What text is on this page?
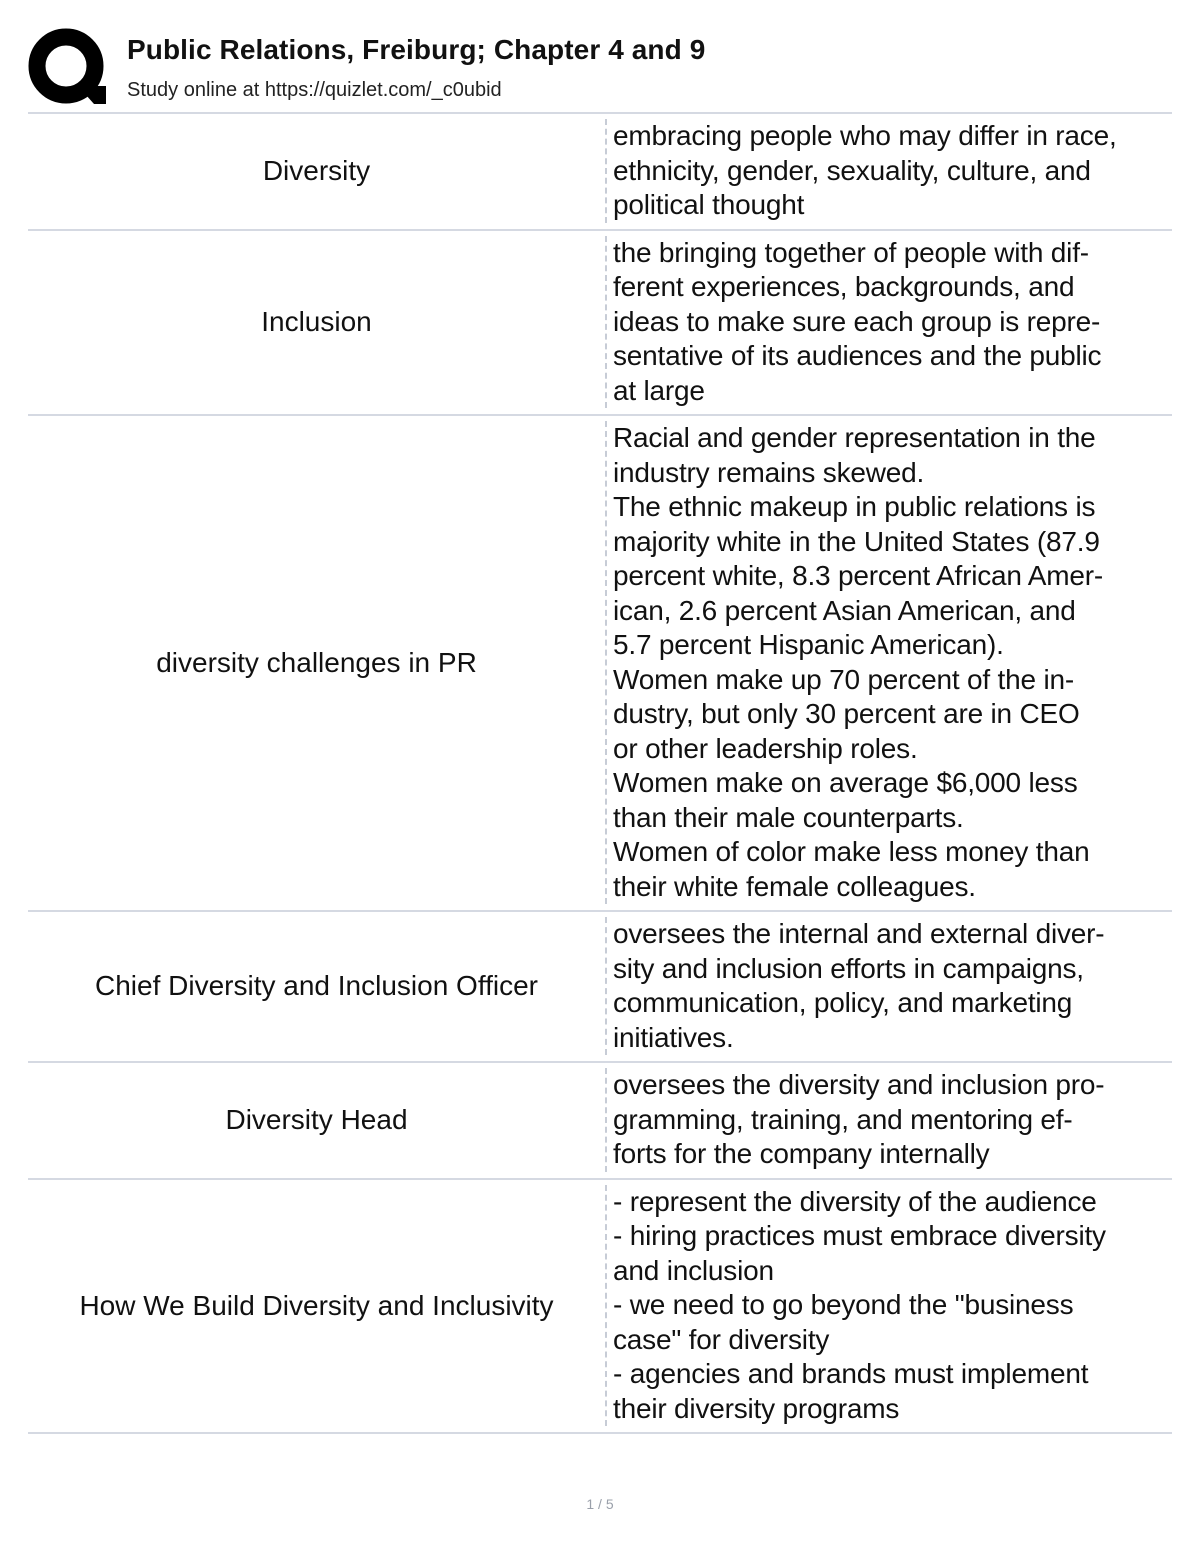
Public Relations, Freiburg; Chapter 4 and 9
Study online at https://quizlet.com/_c0ubid
Diversity
embracing people who may differ in race,
ethnicity, gender, sexuality, culture, and
political thought
Inclusion
the bringing together of people with dif-
ferent experiences, backgrounds, and
ideas to make sure each group is repre-
sentative of its audiences and the public
at large
diversity challenges in PR
Racial and gender representation in the
industry remains skewed.
The ethnic makeup in public relations is
majority white in the United States (87.9
percent white, 8.3 percent African Amer-
ican, 2.6 percent Asian American, and
5.7 percent Hispanic American).
Women make up 70 percent of the in-
dustry, but only 30 percent are in CEO
or other leadership roles.
Women make on average $6,000 less
than their male counterparts.
Women of color make less money than
their white female colleagues.
Chief Diversity and Inclusion Officer
oversees the internal and external diver-
sity and inclusion efforts in campaigns,
communication, policy, and marketing
initiatives.
Diversity Head
oversees the diversity and inclusion pro-
gramming, training, and mentoring ef-
forts for the company internally
How We Build Diversity and Inclusivity
- represent the diversity of the audience
- hiring practices must embrace diversity
and inclusion
- we need to go beyond the "business
case" for diversity
- agencies and brands must implement
their diversity programs
1 / 5
